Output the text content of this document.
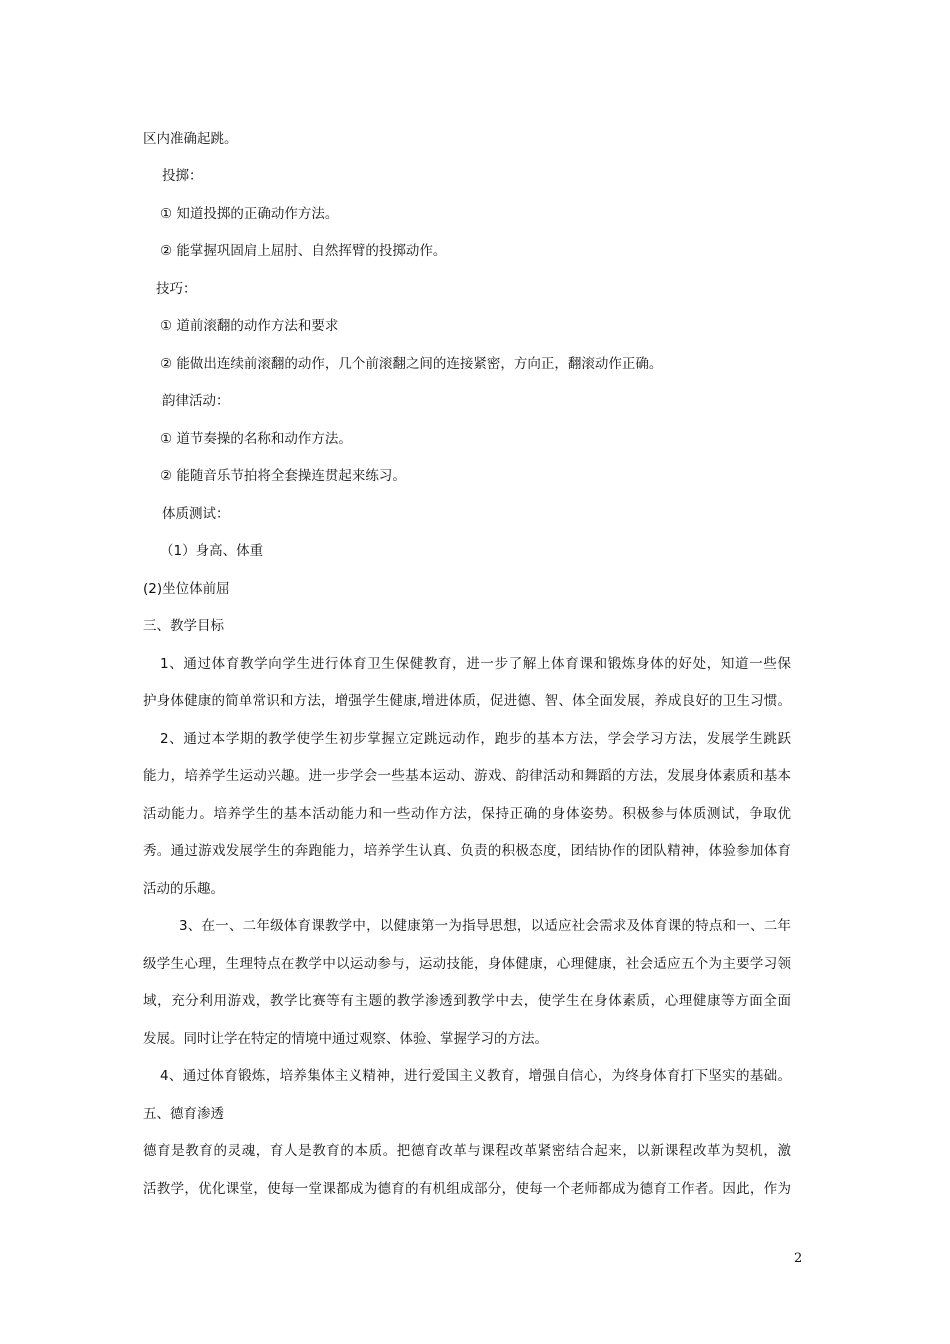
区内准确起跳。
投掷：
① 知道投掷的正确动作方法。
② 能掌握巩固肩上屈肘、自然挥臂的投掷动作。
技巧：
① 道前滚翻的动作方法和要求
② 能做出连续前滚翻的动作，几个前滚翻之间的连接紧密，方向正，翻滚动作正确。
韵律活动：
① 道节奏操的名称和动作方法。
② 能随音乐节拍将全套操连贯起来练习。
体质测试：
（1）身高、体重
(2)坐位体前屈
三、教学目标
1、通过体育教学向学生进行体育卫生保健教育，进一步了解上体育课和锻炼身体的好处，知道一些保
护身体健康的简单常识和方法，增强学生健康,增进体质，促进德、智、体全面发展，养成良好的卫生习惯。
2、通过本学期的教学使学生初步掌握立定跳远动作，跑步的基本方法，学会学习方法，发展学生跳跃
能力，培养学生运动兴趣。进一步学会一些基本运动、游戏、韵律活动和舞蹈的方法，发展身体素质和基本
活动能力。培养学生的基本活动能力和一些动作方法，保持正确的身体姿势。积极参与体质测试，争取优
秀。通过游戏发展学生的奔跑能力，培养学生认真、负责的积极态度，团结协作的团队精神，体验参加体育
活动的乐趣。
3、在一、二年级体育课教学中，以健康第一为指导思想，以适应社会需求及体育课的特点和一、二年
级学生心理，生理特点在教学中以运动参与，运动技能，身体健康，心理健康，社会适应五个为主要学习领
域，充分利用游戏，教学比赛等有主题的教学渗透到教学中去，使学生在身体素质，心理健康等方面全面
发展。同时让学在特定的情境中通过观察、体验、掌握学习的方法。
4、通过体育锻炼，培养集体主义精神，进行爱国主义教育，增强自信心，为终身体育打下坚实的基础。
五、德育渗透
德育是教育的灵魂，育人是教育的本质。把德育改革与课程改革紧密结合起来，以新课程改革为契机，激
活教学，优化课堂，使每一堂课都成为德育的有机组成部分，使每一个老师都成为德育工作者。因此，作为
2
